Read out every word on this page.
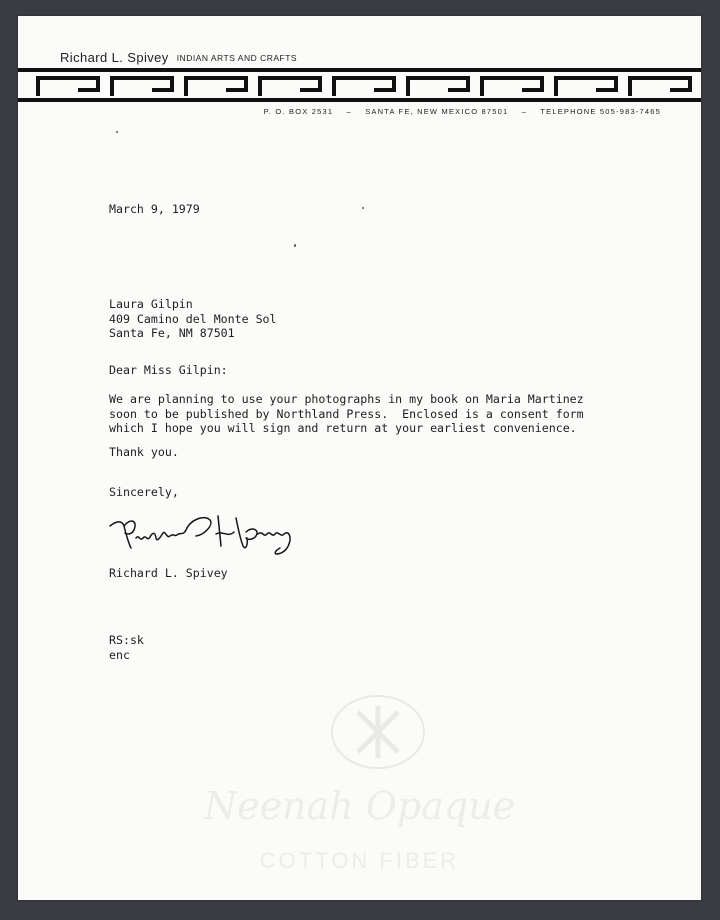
Richard L. Spivey INDIAN ARTS AND CRAFTS
P. O. BOX 2531 – SANTA FE, NEW MEXICO 87501 – TELEPHONE 505-983-7465
March 9, 1979
Laura Gilpin
409 Camino del Monte Sol
Santa Fe, NM 87501
Dear Miss Gilpin:
We are planning to use your photographs in my book on Maria Martinez
soon to be published by Northland Press.  Enclosed is a consent form
which I hope you will sign and return at your earliest convenience.
Thank you.
Sincerely,
Richard L. Spivey
RS:sk
enc
Neenah Opaque
COTTON FIBER
